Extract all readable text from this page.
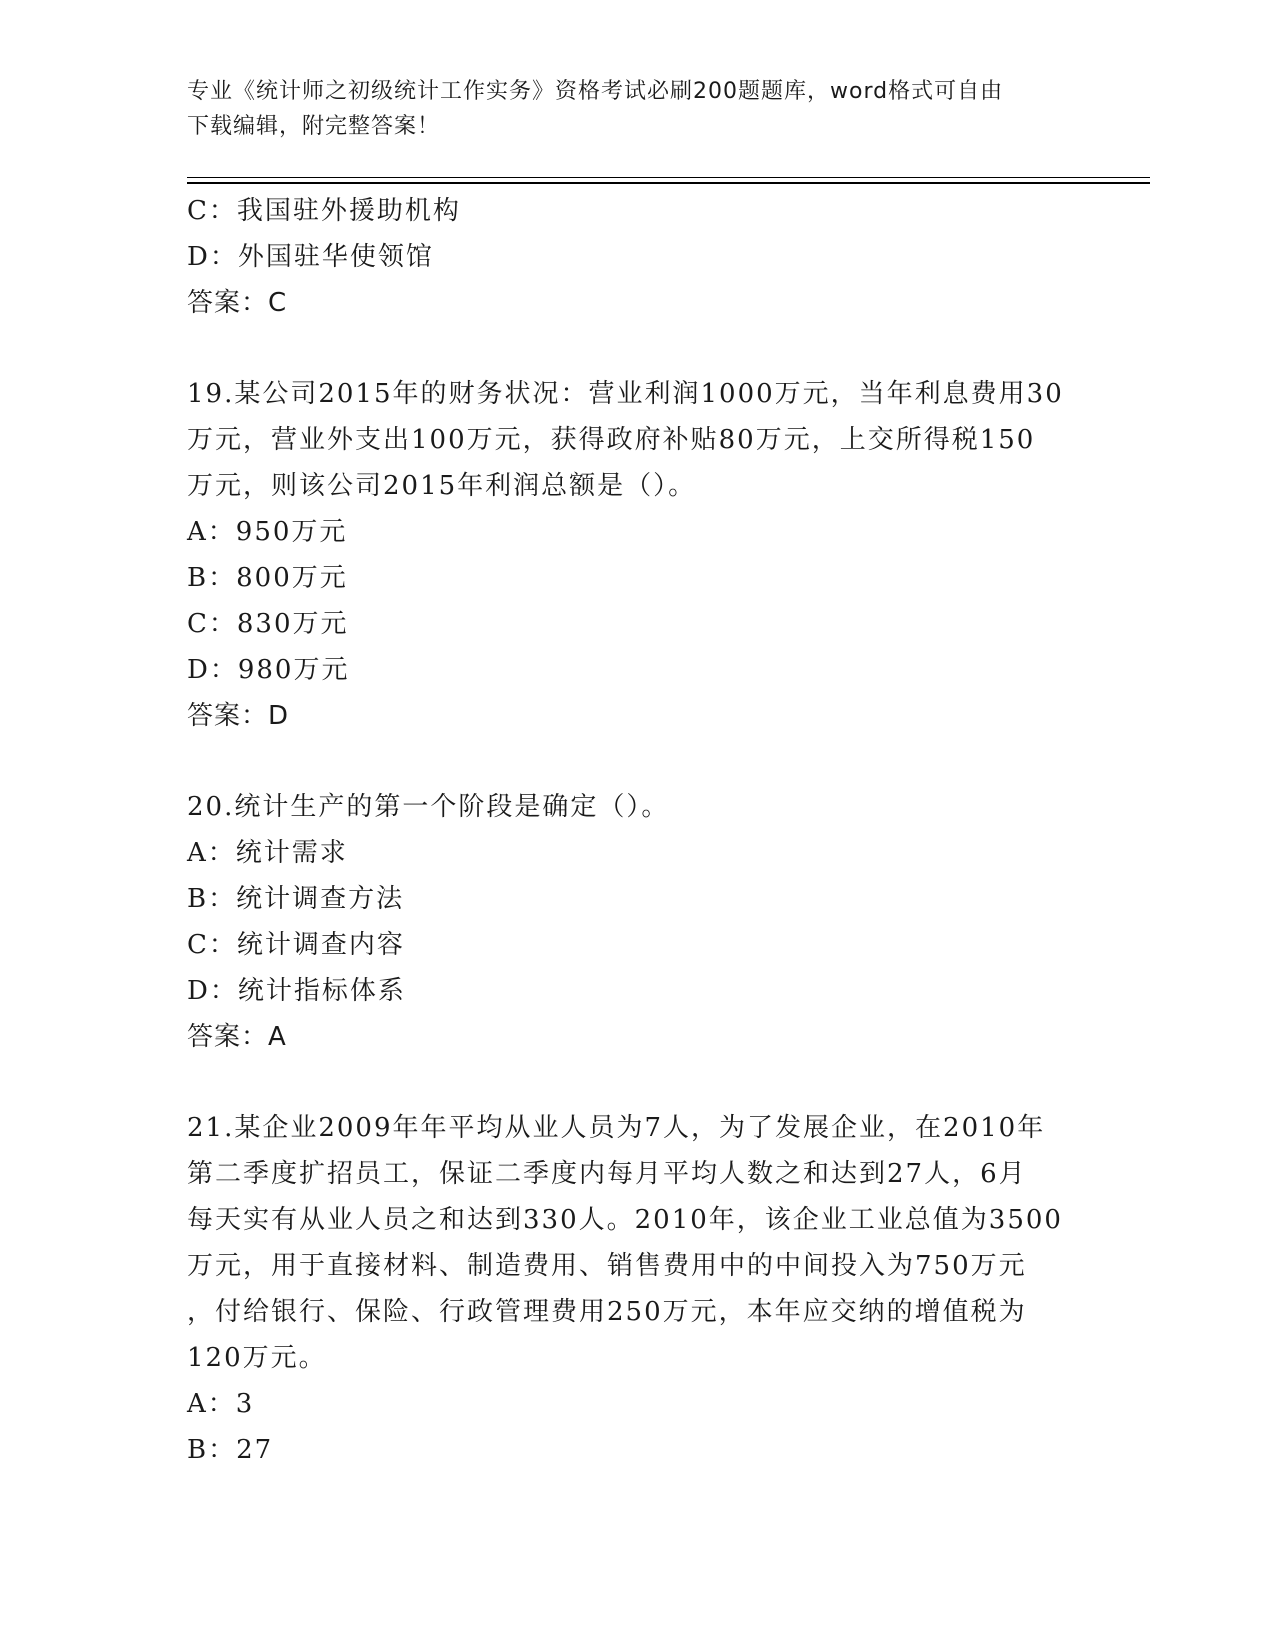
专业《统计师之初级统计工作实务》资格考试必刷200题题库，word格式可自由
下载编辑，附完整答案！
C：我国驻外援助机构
D：外国驻华使领馆
答案：C
19.某公司2015年的财务状况：营业利润1000万元，当年利息费用30
万元，营业外支出100万元，获得政府补贴80万元，上交所得税150
万元，则该公司2015年利润总额是（）。
A：950万元
B：800万元
C：830万元
D：980万元
答案：D
20.统计生产的第一个阶段是确定（）。
A：统计需求
B：统计调查方法
C：统计调查内容
D：统计指标体系
答案：A
21.某企业2009年年平均从业人员为7人，为了发展企业，在2010年
第二季度扩招员工，保证二季度内每月平均人数之和达到27人，6月
每天实有从业人员之和达到330人。2010年，该企业工业总值为3500
万元，用于直接材料、制造费用、销售费用中的中间投入为750万元
，付给银行、保险、行政管理费用250万元，本年应交纳的增值税为
120万元。
A：3
B：27
